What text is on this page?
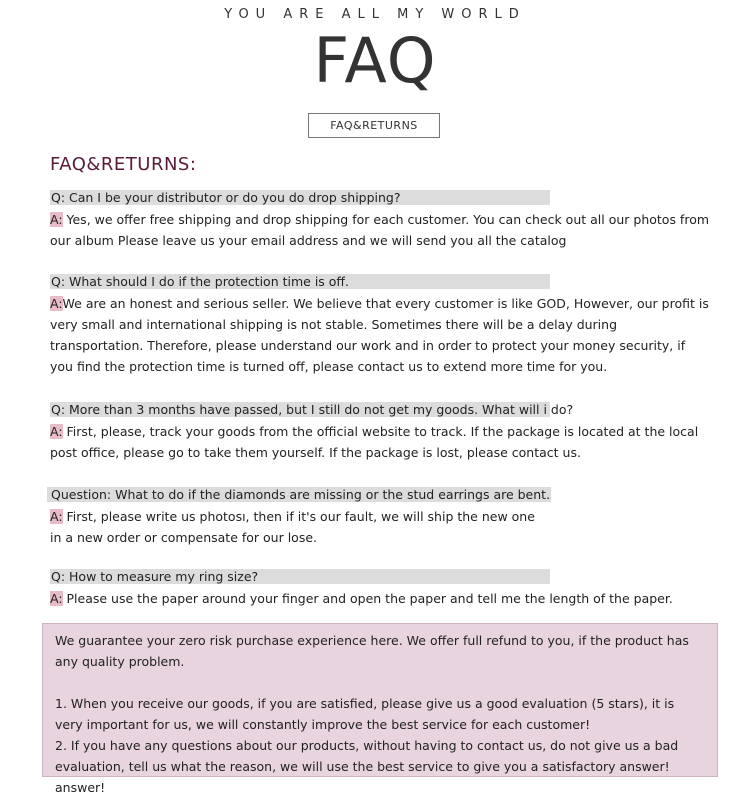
YOU ARE ALL MY WORLD
FAQ
FAQ&RETURNS
FAQ&RETURNS:
Q: Can I be your distributor or do you do drop shipping?
A: Yes, we offer free shipping and drop shipping for each customer. You can check out all our photos from our album Please leave us your email address and we will send you all the catalog
Q: What should I do if the protection time is off.
A:We are an honest and serious seller. We believe that every customer is like GOD, However, our profit is very small and international shipping is not stable. Sometimes there will be a delay during transportation. Therefore, please understand our work and in order to protect your money security, if you find the protection time is turned off, please contact us to extend more time for you.
Q: More than 3 months have passed, but I still do not get my goods. What will i do?
A: First, please, track your goods from the official website to track. If the package is located at the local post office, please go to take them yourself. If the package is lost, please contact us.
Question: What to do if the diamonds are missing or the stud earrings are bent.
A: First, please write us photosı, then if it's our fault, we will ship the new one in a new order or compensate for our lose.
Q: How to measure my ring size?
A: Please use the paper around your finger and open the paper and tell me the length of the paper.
We guarantee your zero risk purchase experience here. We offer full refund to you, if the product has any quality problem.
1. When you receive our goods, if you are satisfied, please give us a good evaluation (5 stars), it is very important for us, we will constantly improve the best service for each customer!
2. If you have any questions about our products, without having to contact us, do not give us a bad evaluation, tell us what the reason, we will use the best service to give you a satisfactory answer! answer!
